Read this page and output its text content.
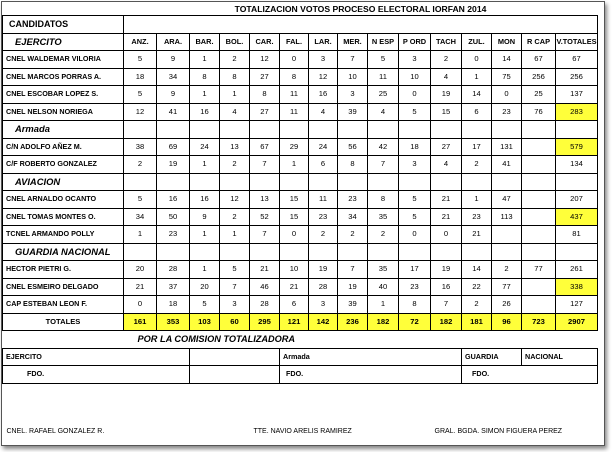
	TOTALIZACION VOTOS PROCESO ELECTORAL IORFAN 2014														
CANDIDATOS															
EJERCITO	ANZ.	ARA.	BAR.	BOL.	CAR.	FAL.	LAR.	MER.	N ESP	P ORD	TACH	ZUL.	MON	R CAP	V.TOTALES
CNEL WALDEMAR VILORIA	5	9	1	2	12	0	3	7	5	3	2	0	14	67	67
CNEL MARCOS PORRAS A.	18	34	8	8	27	8	12	10	11	10	4	1	75	256	256
CNEL ESCOBAR LOPEZ S.	5	9	1	1	8	11	16	3	25	0	19	14	0	25	137
CNEL NELSON NORIEGA	12	41	16	4	27	11	4	39	4	5	15	6	23	76	283
Armada															
C/N ADOLFO AÑEZ M.	38	69	24	13	67	29	24	56	42	18	27	17	131		579
C/F ROBERTO GONZALEZ	2	19	1	2	7	1	6	8	7	3	4	2	41		134
AVIACION															
CNEL ARNALDO OCANTO	5	16	16	12	13	15	11	23	8	5	21	1	47		207
CNEL TOMAS MONTES O.	34	50	9	2	52	15	23	34	35	5	21	23	113		437
TCNEL ARMANDO POLLY	1	23	1	1	7	0	2	2	2	0	0	21			81
GUARDIA NACIONAL															
HECTOR PIETRI G.	20	28	1	5	21	10	19	7	35	17	19	14	2	77	261
CNEL ESMEIRO DELGADO	21	37	20	7	46	21	28	19	40	23	16	22	77		338
CAP ESTEBAN LEON F.	0	18	5	3	28	6	3	39	1	8	7	2	26		127
TOTALES	161	353	103	60	295	121	142	236	182	72	182	181	96	723	2907
	POR LA COMISION TOTALIZADORA														
EJERCITO						Armada						GUARDIA		NACIONAL	
FDO.						FDO.						FDO.			

CNEL. RAFAEL GONZALEZ R.					TTE. NAVIO ARELIS RAMIREZ						GRAL. BGDA. SIMON FIGUERA PEREZ				
